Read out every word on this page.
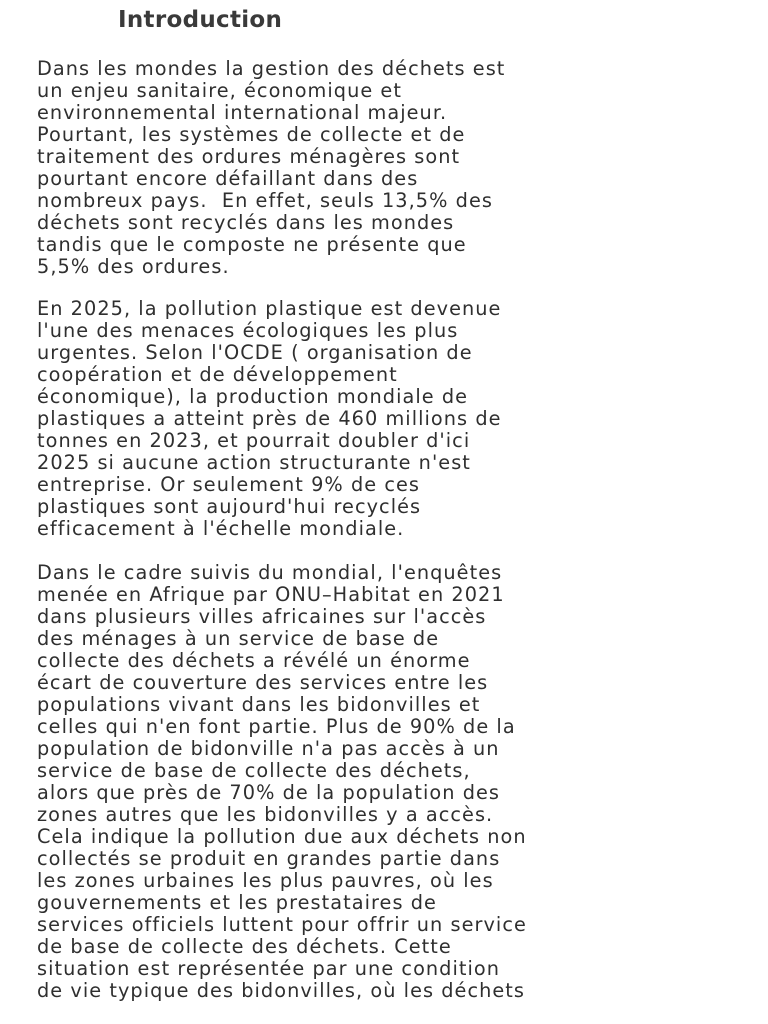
Introduction

Dans les mondes la gestion des déchets est
un enjeu sanitaire, économique et
environnemental international majeur.
Pourtant, les systèmes de collecte et de
traitement des ordures ménagères sont
pourtant encore défaillant dans des
nombreux pays.  En effet, seuls 13,5% des
déchets sont recyclés dans les mondes
tandis que le composte ne présente que
5,5% des ordures.

En 2025, la pollution plastique est devenue
l'une des menaces écologiques les plus
urgentes. Selon l'OCDE ( organisation de
coopération et de développement
économique), la production mondiale de
plastiques a atteint près de 460 millions de
tonnes en 2023, et pourrait doubler d'ici
2025 si aucune action structurante n'est
entreprise. Or seulement 9% de ces
plastiques sont aujourd'hui recyclés
efficacement à l'échelle mondiale.

Dans le cadre suivis du mondial, l'enquêtes
menée en Afrique par ONU–Habitat en 2021
dans plusieurs villes africaines sur l'accès
des ménages à un service de base de
collecte des déchets a révélé un énorme
écart de couverture des services entre les
populations vivant dans les bidonvilles et
celles qui n'en font partie. Plus de 90% de la
population de bidonville n'a pas accès à un
service de base de collecte des déchets,
alors que près de 70% de la population des
zones autres que les bidonvilles y a accès.
Cela indique la pollution due aux déchets non
collectés se produit en grandes partie dans
les zones urbaines les plus pauvres, où les
gouvernements et les prestataires de
services officiels luttent pour offrir un service
de base de collecte des déchets. Cette
situation est représentée par une condition
de vie typique des bidonvilles, où les déchets
